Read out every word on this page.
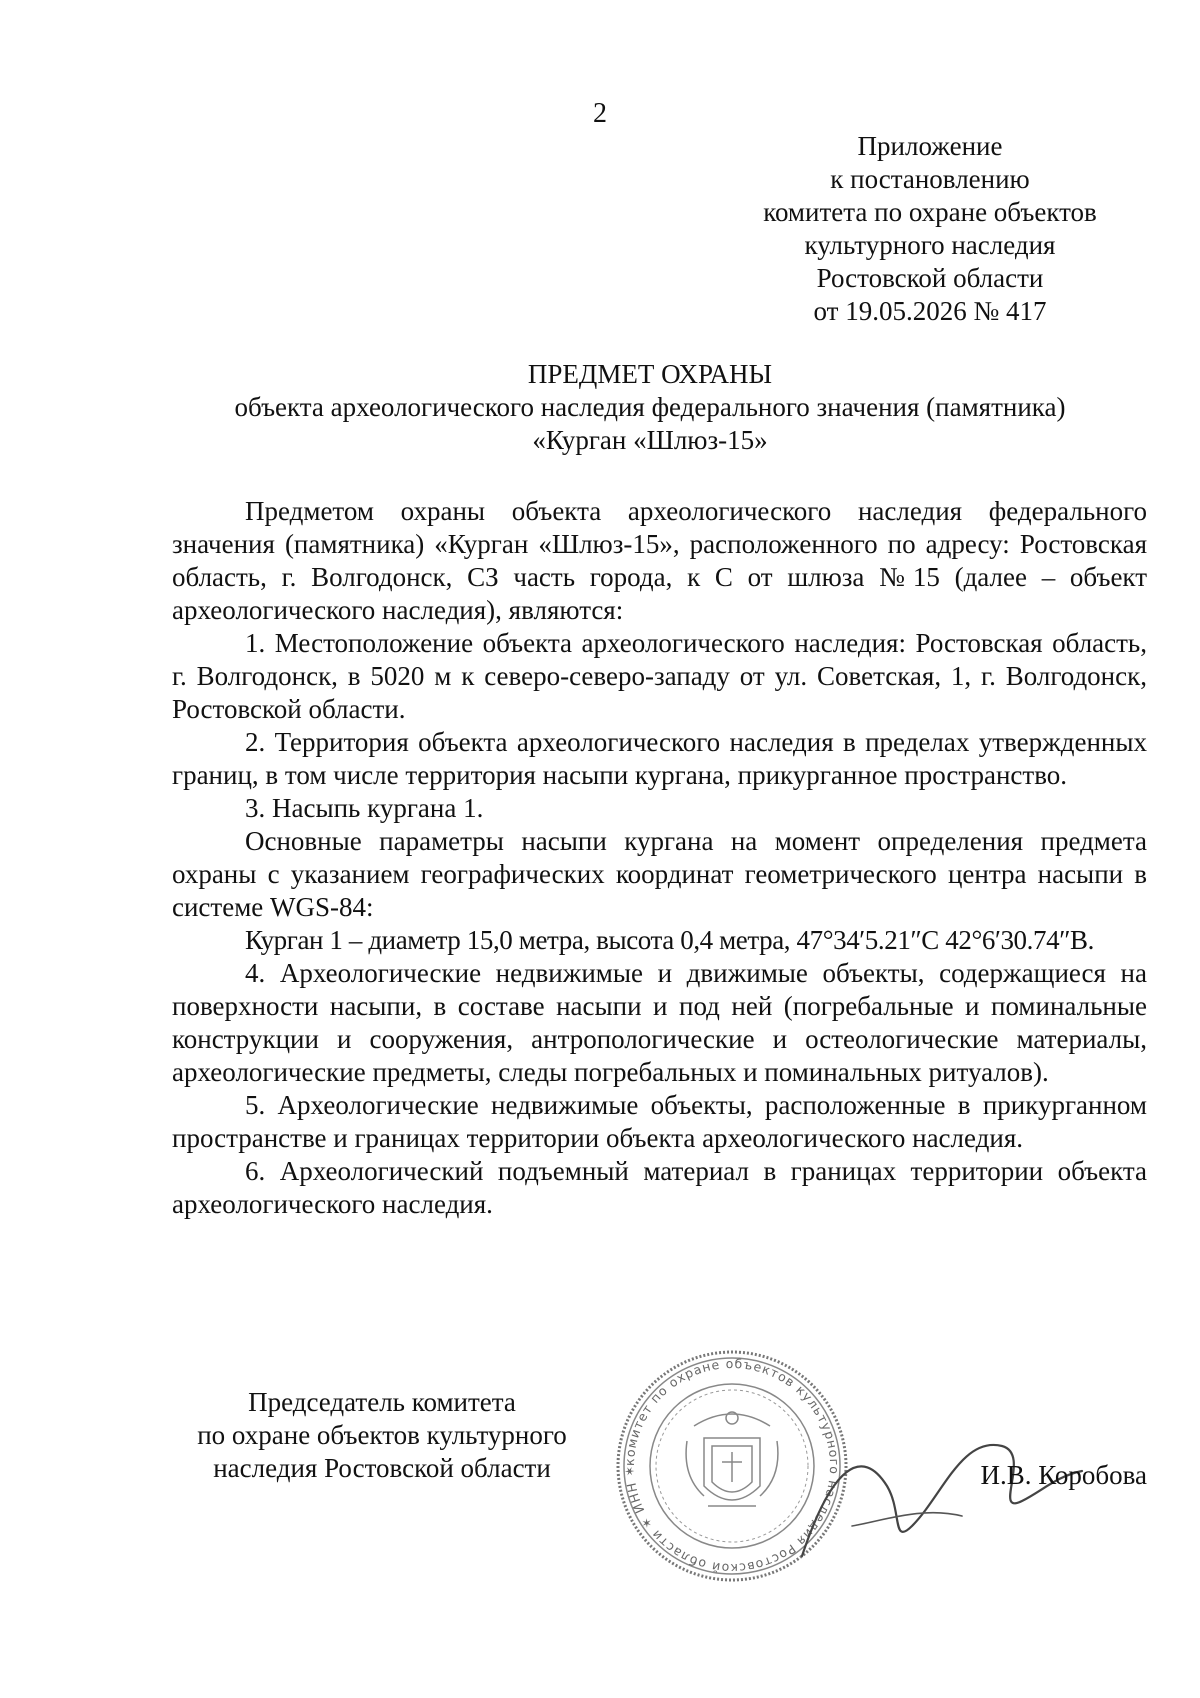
2
Приложение
к постановлению
комитета по охране объектов
культурного наследия
Ростовской области
от 19.05.2026 № 417
ПРЕДМЕТ ОХРАНЫ
объекта археологического наследия федерального значения (памятника)
«Курган «Шлюз-15»

Предметом охраны объекта археологического наследия федерального значения (памятника) «Курган «Шлюз-15», расположенного по адресу: Ростовская область, г. Волгодонск, СЗ часть города, к С от шлюза №15 (далее – объект археологического наследия), являются:

1. Местоположение объекта археологического наследия: Ростовская область, г. Волгодонск, в 5020 м к северо-северо-западу от ул. Советская, 1, г. Волгодонск, Ростовской области.

2. Территория объекта археологического наследия в пределах утвержденных границ, в том числе территория насыпи кургана, прикурганное пространство.

3. Насыпь кургана 1.

Основные параметры насыпи кургана на момент определения предмета охраны с указанием географических координат геометрического центра насыпи в системе WGS-84:

Курган 1 – диаметр 15,0 метра, высота 0,4 метра, 47°34′5.21″С 42°6′30.74″В.

4. Археологические недвижимые и движимые объекты, содержащиеся на поверхности насыпи, в составе насыпи и под ней (погребальные и поминальные конструкции и сооружения, антропологические и остеологические материалы, археологические предметы, следы погребальных и поминальных ритуалов).

5. Археологические недвижимые объекты, расположенные в прикурганном пространстве и границах территории объекта археологического наследия.

6. Археологический подъемный материал в границах территории объекта археологического наследия.

Председатель комитета
по охране объектов культурного
наследия Ростовской области	комитет по охране объектов культурного наследия Ростовской области ✶ ИНН ✶	И.В. Коробова
